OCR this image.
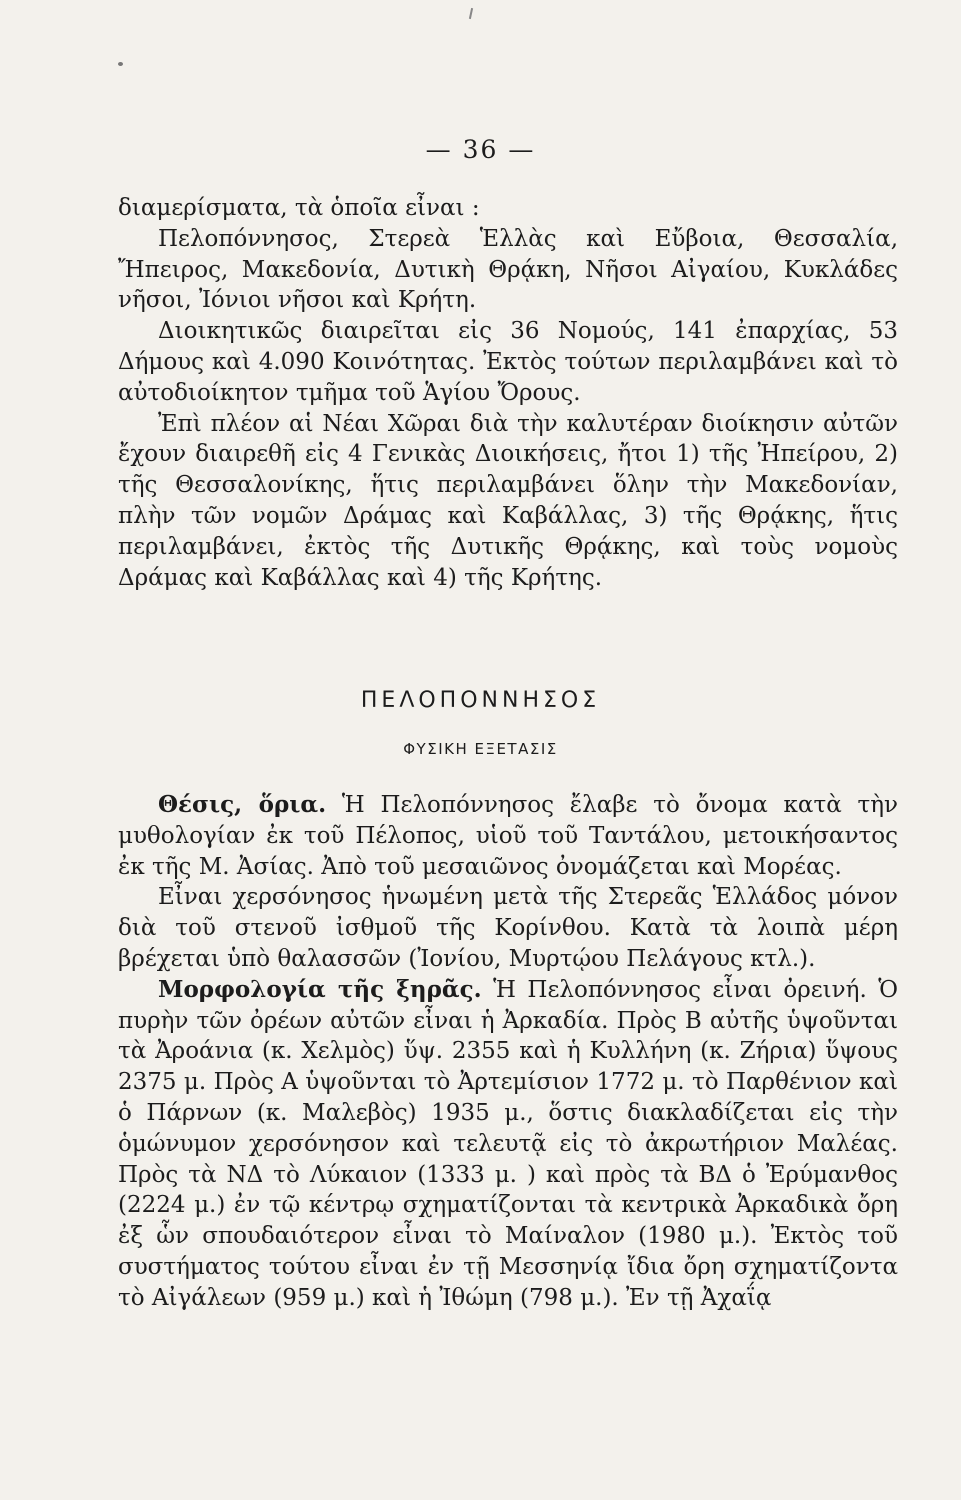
— 36 —

διαμερίσματα, τὰ ὁποῖα εἶναι :

Πελοπόννησος, Στερεὰ Ἑλλὰς καὶ Εὔβοια, Θεσσαλία, Ἤπειρος, Μακεδονία, Δυτικὴ Θρᾴκη, Νῆσοι Αἰγαίου, Κυκλάδες νῆσοι, Ἰόνιοι νῆσοι καὶ Κρήτη.

Διοικητικῶς διαιρεῖται εἰς 36 Νομούς, 141 ἐπαρχίας, 53 Δήμους καὶ 4.090 Κοινότητας. Ἐκτὸς τούτων περιλαμβάνει καὶ τὸ αὐτοδιοίκητον τμῆμα τοῦ Ἁγίου Ὄρους.

Ἐπὶ πλέον αἱ Νέαι Χῶραι διὰ τὴν καλυτέραν διοίκησιν αὐτῶν ἔχουν διαιρεθῆ εἰς 4 Γενικὰς Διοικήσεις, ἤτοι 1) τῆς Ἠπείρου, 2) τῆς Θεσσαλονίκης, ἥτις περιλαμβάνει ὅλην τὴν Μακεδονίαν, πλὴν τῶν νομῶν Δράμας καὶ Καβάλλας, 3) τῆς Θρᾴκης, ἥτις περιλαμβάνει, ἐκτὸς τῆς Δυτικῆς Θρᾴκης, καὶ τοὺς νομοὺς Δράμας καὶ Καβάλλας καὶ 4) τῆς Κρήτης.

ΠΕΛΟΠΟΝΝΗΣΟΣ
ΦΥΣΙΚΗ ΕΞΕΤΑΣΙΣ

Θέσις, ὅρια. Ἡ Πελοπόννησος ἔλαβε τὸ ὄνομα κατὰ τὴν μυθολογίαν ἐκ τοῦ Πέλοπος, υἱοῦ τοῦ Ταντάλου, μετοικήσαντος ἐκ τῆς Μ. Ἀσίας. Ἀπὸ τοῦ μεσαιῶνος ὀνομάζεται καὶ Μορέας.

Εἶναι χερσόνησος ἡνωμένη μετὰ τῆς Στερεᾶς Ἑλλάδος μόνον διὰ τοῦ στενοῦ ἰσθμοῦ τῆς Κορίνθου. Κατὰ τὰ λοιπὰ μέρη βρέχεται ὑπὸ θαλασσῶν (Ἰονίου, Μυρτῴου Πελάγους κτλ.).

Μορφολογία τῆς ξηρᾶς. Ἡ Πελοπόννησος εἶναι ὀρεινή. Ὁ πυρὴν τῶν ὀρέων αὐτῶν εἶναι ἡ Ἀρκαδία. Πρὸς Β αὐτῆς ὑψοῦνται τὰ Ἀροάνια (κ. Χελμὸς) ὕψ. 2355 καὶ ἡ Κυλλήνη (κ. Ζήρια) ὕψους 2375 μ. Πρὸς Α ὑψοῦνται τὸ Ἀρτεμίσιον 1772 μ. τὸ Παρθένιον καὶ ὁ Πάρνων (κ. Μαλεβὸς) 1935 μ., ὅστις διακλαδίζεται εἰς τὴν ὁμώνυμον χερσόνησον καὶ τελευτᾷ εἰς τὸ ἀκρωτήριον Μαλέας. Πρὸς τὰ ΝΔ τὸ Λύκαιον (1333 μ. ) καὶ πρὸς τὰ ΒΔ ὁ Ἐρύμανθος (2224 μ.) ἐν τῷ κέντρῳ σχηματίζονται τὰ κεντρικὰ Ἀρκαδικὰ ὄρη ἐξ ὧν σπουδαιότερον εἶναι τὸ Μαίναλον (1980 μ.). Ἐκτὸς τοῦ συστήματος τούτου εἶναι ἐν τῇ Μεσσηνίᾳ ἴδια ὄρη σχηματίζοντα τὸ Αἰγάλεων (959 μ.) καὶ ἡ Ἰθώμη (798 μ.). Ἐν τῇ Ἀχαΐᾳ
